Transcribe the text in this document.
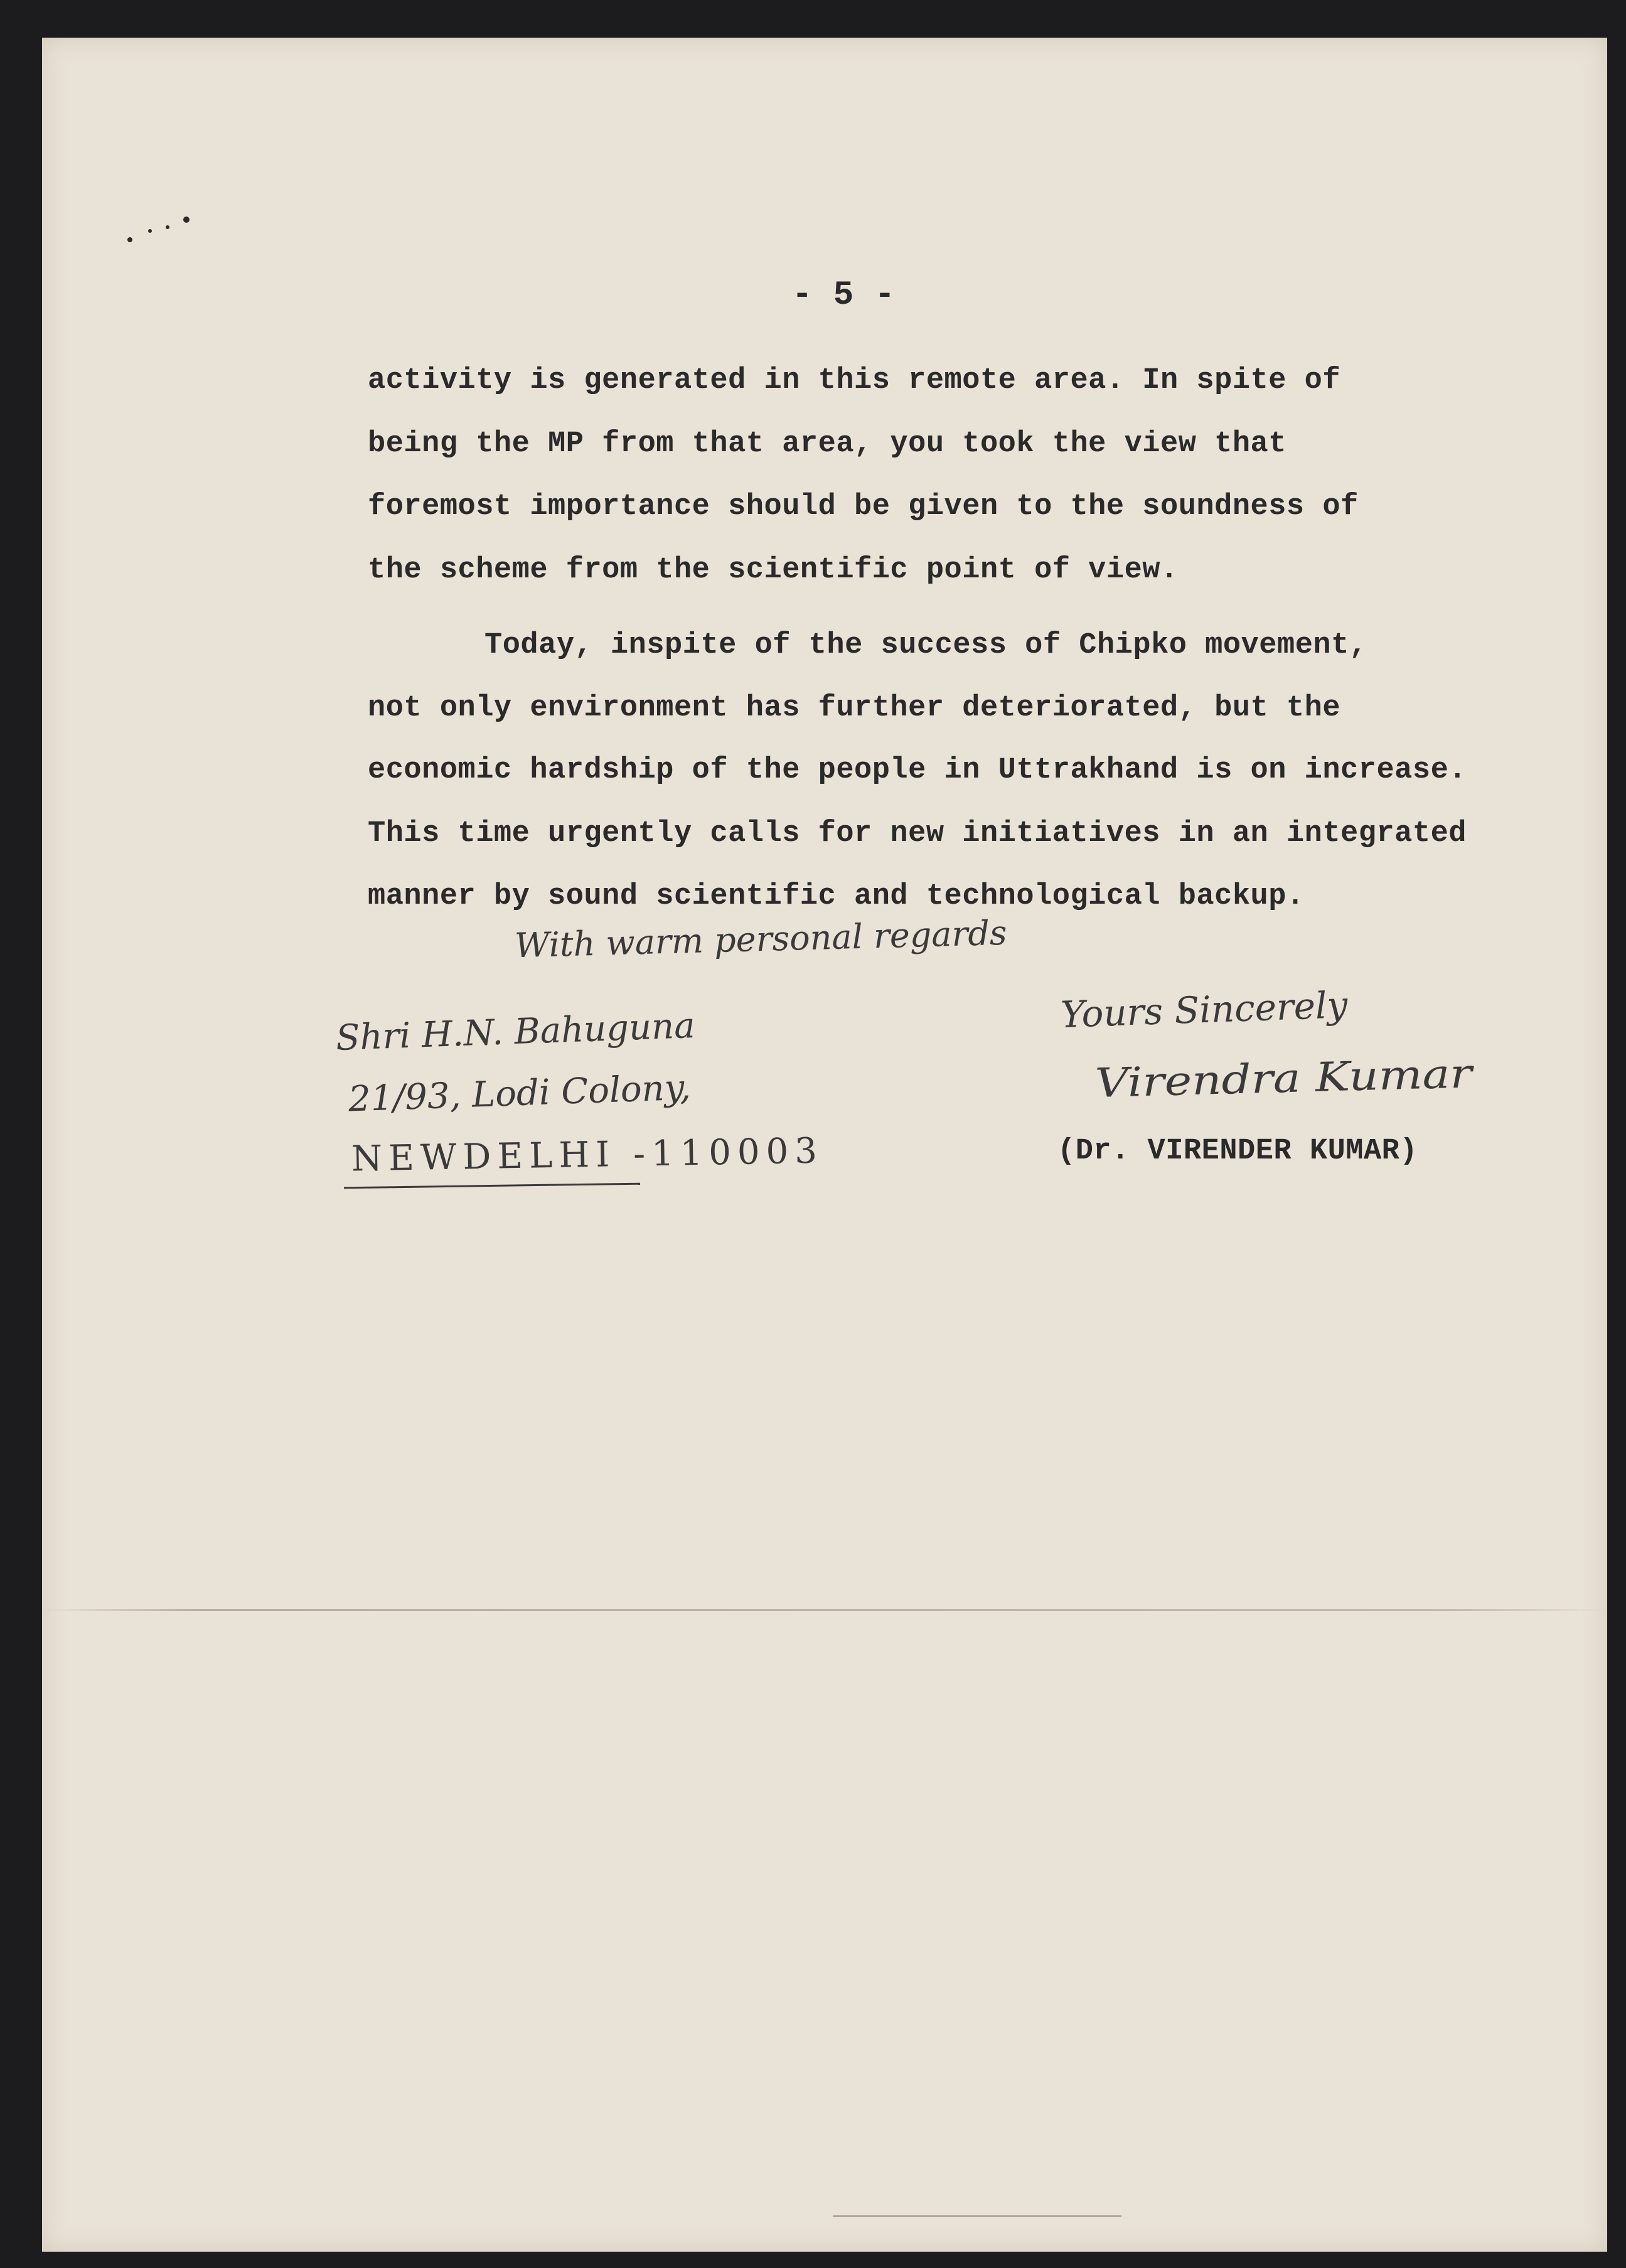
- 5 -
activity is generated in this remote area. In spite of
being the MP from that area, you took the view that
foremost importance should be given to the soundness of
the scheme from the scientific point of view.
Today, inspite of the success of Chipko movement,
not only environment has further deteriorated, but the
economic hardship of the people in Uttrakhand is on increase.
This time urgently calls for new initiatives in an integrated
manner by sound scientific and technological backup.
With warm personal regards
Shri H.N. Bahuguna
21/93, Lodi Colony,
NEWDELHI -110003
Yours Sincerely
Virendra Kumar
(Dr. VIRENDER KUMAR)
